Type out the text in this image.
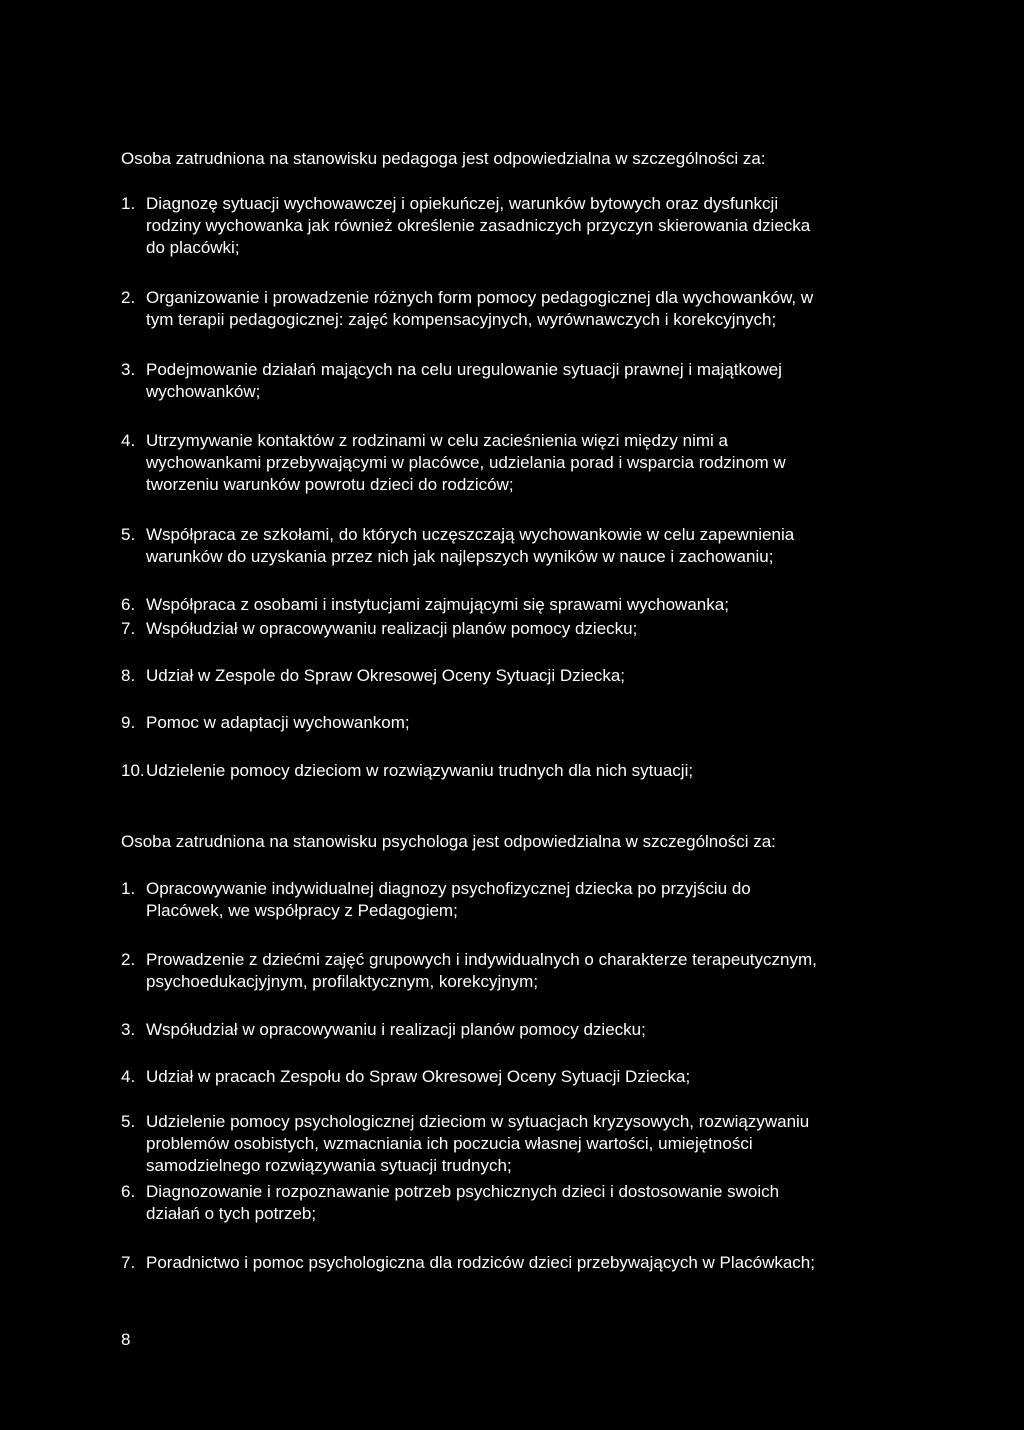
Osoba zatrudniona na stanowisku pedagoga jest odpowiedzialna w szczególności za:
1. Diagnozę sytuacji wychowawczej i opiekuńczej, warunków bytowych oraz dysfunkcji
rodziny wychowanka jak również określenie zasadniczych przyczyn skierowania dziecka
do placówki;
2. Organizowanie i prowadzenie różnych form pomocy pedagogicznej dla wychowanków, w
tym terapii pedagogicznej: zajęć kompensacyjnych, wyrównawczych i korekcyjnych;
3. Podejmowanie działań mających na celu uregulowanie sytuacji prawnej i majątkowej
wychowanków;
4. Utrzymywanie kontaktów z rodzinami w celu zacieśnienia więzi między nimi a
wychowankami przebywającymi w placówce, udzielania porad i wsparcia rodzinom w
tworzeniu warunków powrotu dzieci do rodziców;
5. Współpraca ze szkołami, do których uczęszczają wychowankowie w celu zapewnienia
warunków do uzyskania przez nich jak najlepszych wyników w nauce i zachowaniu;
6. Współpraca z osobami i instytucjami zajmującymi się sprawami wychowanka;
7. Współudział w opracowywaniu realizacji planów pomocy dziecku;
8. Udział w Zespole do Spraw Okresowej Oceny Sytuacji Dziecka;
9. Pomoc w adaptacji wychowankom;
10. Udzielenie pomocy dzieciom w rozwiązywaniu trudnych dla nich sytuacji;
Osoba zatrudniona na stanowisku psychologa jest odpowiedzialna w szczególności za:
1. Opracowywanie indywidualnej diagnozy psychofizycznej dziecka po przyjściu do
Placówek, we współpracy z Pedagogiem;
2. Prowadzenie z dziećmi zajęć grupowych i indywidualnych o charakterze terapeutycznym,
psychoedukacjyjnym, profilaktycznym, korekcyjnym;
3. Współudział w opracowywaniu i realizacji planów pomocy dziecku;
4. Udział w pracach Zespołu do Spraw Okresowej Oceny Sytuacji Dziecka;
5. Udzielenie pomocy psychologicznej dzieciom w sytuacjach kryzysowych, rozwiązywaniu
problemów osobistych, wzmacniania ich poczucia własnej wartości, umiejętności
samodzielnego rozwiązywania sytuacji trudnych;
6. Diagnozowanie i rozpoznawanie potrzeb psychicznych dzieci i dostosowanie swoich
działań o tych potrzeb;
7. Poradnictwo i pomoc psychologiczna dla rodziców dzieci przebywających w Placówkach;
8
